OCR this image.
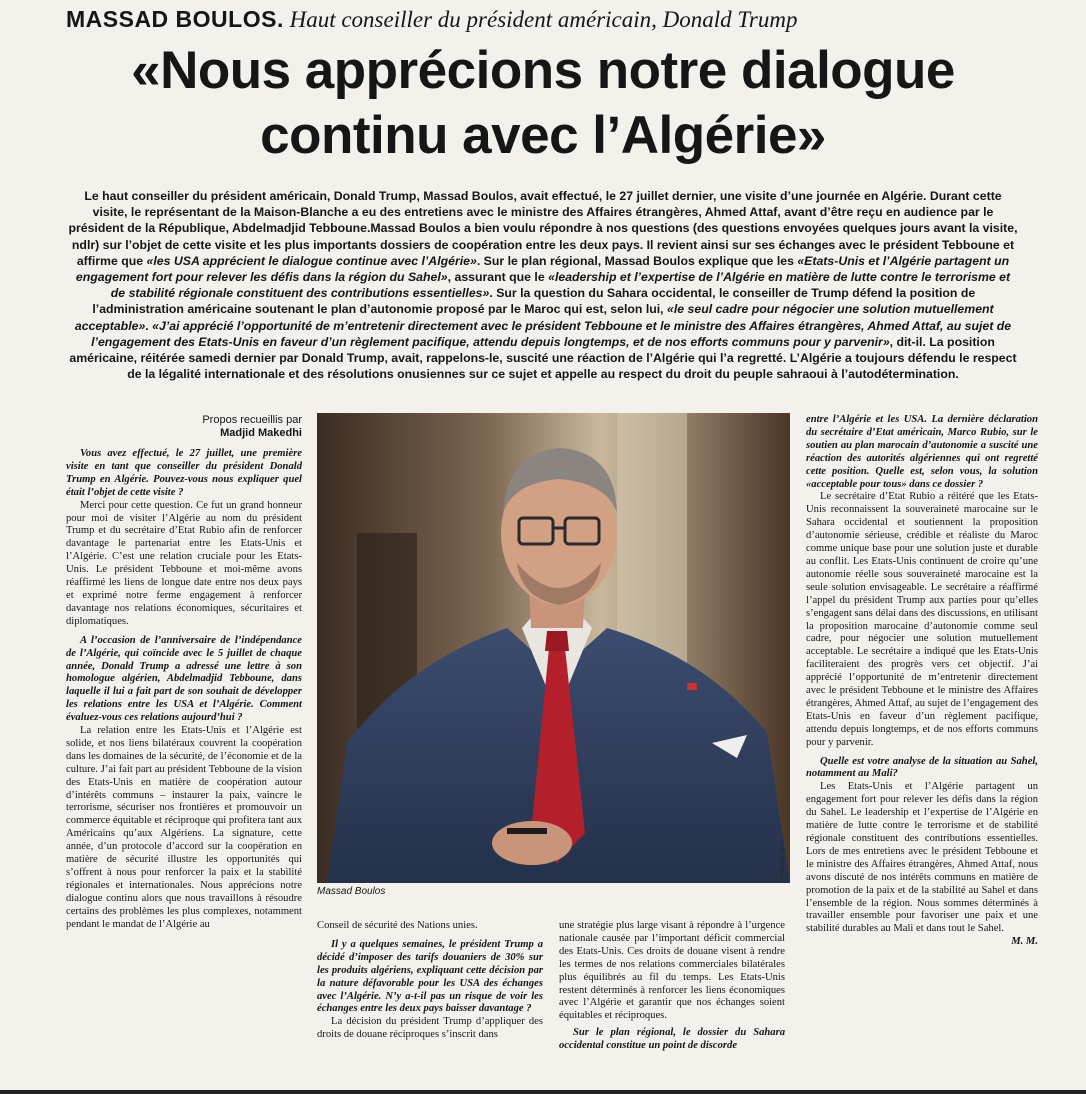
MASSAD BOULOS. Haut conseiller du président américain, Donald Trump
«Nous apprécions notre dialogue
continu avec l’Algérie»
Le haut conseiller du président américain, Donald Trump, Massad Boulos, avait effectué, le 27 juillet dernier, une visite d’une journée en Algérie. Durant cette visite, le représentant de la Maison-Blanche a eu des entretiens avec le ministre des Affaires étrangères, Ahmed Attaf, avant d’être reçu en audience par le président de la République, Abdelmadjid Tebboune.Massad Boulos a bien voulu répondre à nos questions (des questions envoyées quelques jours avant la visite, ndlr) sur l’objet de cette visite et les plus importants dossiers de coopération entre les deux pays. Il revient ainsi sur ses échanges avec le président Tebboune et affirme que «les USA apprécient le dialogue continue avec l’Algérie». Sur le plan régional, Massad Boulos explique que les «Etats-Unis et l’Algérie partagent un engagement fort pour relever les défis dans la région du Sahel», assurant que le «leadership et l’expertise de l’Algérie en matière de lutte contre le terrorisme et de stabilité régionale constituent des contributions essentielles». Sur la question du Sahara occidental, le conseiller de Trump défend la position de l’administration américaine soutenant le plan d’autonomie proposé par le Maroc qui est, selon lui, «le seul cadre pour négocier une solution mutuellement acceptable». «J’ai apprécié l’opportunité de m’entretenir directement avec le président Tebboune et le ministre des Affaires étrangères, Ahmed Attaf, au sujet de l’engagement des Etats-Unis en faveur d’un règlement pacifique, attendu depuis longtemps, et de nos efforts communs pour y parvenir», dit-il. La position américaine, réitérée samedi dernier par Donald Trump, avait, rappelons-le, suscité une réaction de l’Algérie qui l’a regretté. L’Algérie a toujours défendu le respect de la légalité internationale et des résolutions onusiennes sur ce sujet et appelle au respect du droit du peuple sahraoui à l’autodétermination.
Propos recueillis par
Madjid Makedhi

Vous avez effectué, le 27 juillet, une première visite en tant que conseiller du président Donald Trump en Algérie. Pouvez-vous nous expliquer quel était l’objet de cette visite ?

Merci pour cette question. Ce fut un grand honneur pour moi de visiter l’Algérie au nom du président Trump et du secrétaire d’Etat Rubio afin de renforcer davantage le partenariat entre les Etats-Unis et l’Algérie. C’est une relation cruciale pour les Etats-Unis. Le président Tebboune et moi-même avons réaffirmé les liens de longue date entre nos deux pays et exprimé notre ferme engagement à renforcer davantage nos relations économiques, sécuritaires et diplomatiques.

A l’occasion de l’anniversaire de l’indépendance de l’Algérie, qui coïncide avec le 5 juillet de chaque année, Donald Trump a adressé une lettre à son homologue algérien, Abdelmadjid Tebboune, dans laquelle il lui a fait part de son souhait de développer les relations entre les USA et l’Algérie. Comment évaluez-vous ces relations aujourd’hui ?

La relation entre les Etats-Unis et l’Algérie est solide, et nos liens bilatéraux couvrent la coopération dans les domaines de la sécurité, de l’économie et de la culture. J’ai fait part au président Tebboune de la vision des Etats-Unis en matière de coopération autour d’intérêts communs – instaurer la paix, vaincre le terrorisme, sécuriser nos frontières et promouvoir un commerce équitable et réciproque qui profitera tant aux Américains qu’aux Algériens. La signature, cette année, d’un protocole d’accord sur la coopération en matière de sécurité illustre les opportunités qui s’offrent à nous pour renforcer la paix et la stabilité régionales et internationales. Nous apprécions notre dialogue continu alors que nous travaillons à résoudre certains des problèmes les plus complexes, notamment pendant le mandat de l’Algérie au

Massad Boulos
PHOTO : D. R.

Conseil de sécurité des Nations unies.

Il y a quelques semaines, le président Trump a décidé d’imposer des tarifs douaniers de 30% sur les produits algériens, expliquant cette décision par la nature défavorable pour les USA des échanges avec l’Algérie. N’y a-t-il pas un risque de voir les échanges entre les deux pays baisser davantage ?

La décision du président Trump d’appliquer des droits de douane réciproques s’inscrit dans

une stratégie plus large visant à répondre à l’urgence nationale causée par l’important déficit commercial des Etats-Unis. Ces droits de douane visent à rendre les termes de nos relations commerciales bilatérales plus équilibrés au fil du temps. Les Etats-Unis restent déterminés à renforcer les liens économiques avec l’Algérie et garantir que nos échanges soient équitables et réciproques.

Sur le plan régional, le dossier du Sahara occidental constitue un point de discorde

entre l’Algérie et les USA. La dernière déclaration du secrétaire d’Etat américain, Marco Rubio, sur le soutien au plan marocain d’autonomie a suscité une réaction des autorités algériennes qui ont regretté cette position. Quelle est, selon vous, la solution «acceptable pour tous» dans ce dossier ?

Le secrétaire d’Etat Rubio a réitéré que les Etats-Unis reconnaissent la souveraineté marocaine sur le Sahara occidental et soutiennent la proposition d’autonomie sérieuse, crédible et réaliste du Maroc comme unique base pour une solution juste et durable au conflit. Les Etats-Unis continuent de croire qu’une autonomie réelle sous souveraineté marocaine est la seule solution envisageable. Le secrétaire a réaffirmé l’appel du président Trump aux parties pour qu’elles s’engagent sans délai dans des discussions, en utilisant la proposition marocaine d’autonomie comme seul cadre, pour négocier une solution mutuellement acceptable. Le secrétaire a indiqué que les Etats-Unis faciliteraient des progrès vers cet objectif. J’ai apprécié l’opportunité de m’entretenir directement avec le président Tebboune et le ministre des Affaires étrangères, Ahmed Attaf, au sujet de l’engagement des Etats-Unis en faveur d’un règlement pacifique, attendu depuis longtemps, et de nos efforts communs pour y parvenir.

Quelle est votre analyse de la situation au Sahel, notamment au Mali?

Les Etats-Unis et l’Algérie partagent un engagement fort pour relever les défis dans la région du Sahel. Le leadership et l’expertise de l’Algérie en matière de lutte contre le terrorisme et de stabilité régionale constituent des contributions essentielles. Lors de mes entretiens avec le président Tebboune et le ministre des Affaires étrangères, Ahmed Attaf, nous avons discuté de nos intérêts communs en matière de promotion de la paix et de la stabilité au Sahel et dans l’ensemble de la région. Nous sommes déterminés à travailler ensemble pour favoriser une paix et une stabilité durables au Mali et dans tout le Sahel.
M. M.
